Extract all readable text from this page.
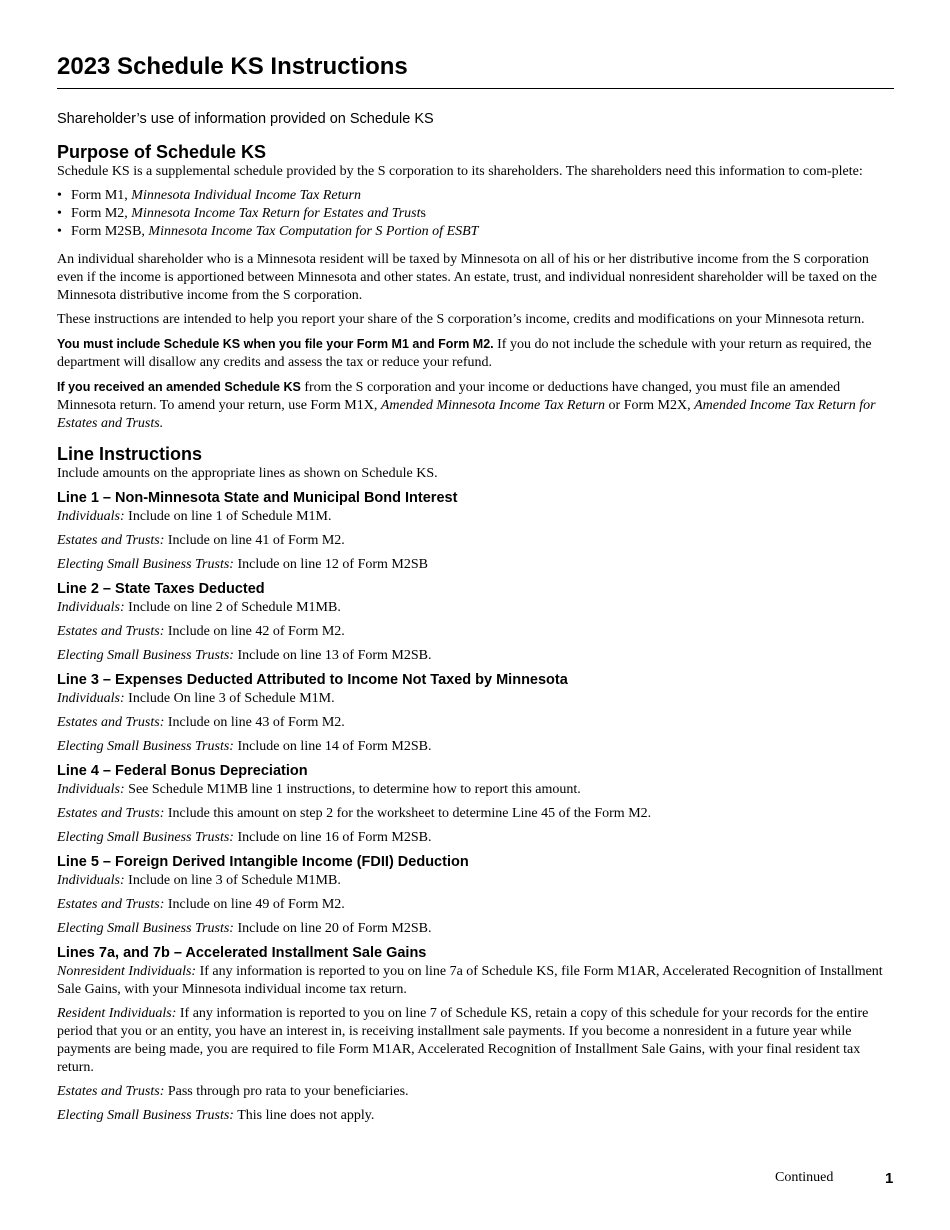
2023 Schedule KS Instructions
Shareholder’s use of information provided on Schedule KS
Purpose of Schedule KS

Schedule KS is a supplemental schedule provided by the S corporation to its shareholders. The shareholders need this information to com-plete:

• Form M1, Minnesota Individual Income Tax Return
• Form M2, Minnesota Income Tax Return for Estates and Trusts
• Form M2SB, Minnesota Income Tax Computation for S Portion of ESBT

An individual shareholder who is a Minnesota resident will be taxed by Minnesota on all of his or her distributive income from the S corporation even if the income is apportioned between Minnesota and other states. An estate, trust, and individual nonresident shareholder will be taxed on the Minnesota distributive income from the S corporation.

These instructions are intended to help you report your share of the S corporation’s income, credits and modifications on your Minnesota return.

You must include Schedule KS when you file your Form M1 and Form M2. If you do not include the schedule with your return as required, the department will disallow any credits and assess the tax or reduce your refund.

If you received an amended Schedule KS from the S corporation and your income or deductions have changed, you must file an amended Minnesota return. To amend your return, use Form M1X, Amended Minnesota Income Tax Return or Form M2X, Amended Income Tax Return for Estates and Trusts.

Line Instructions

Include amounts on the appropriate lines as shown on Schedule KS.

Line 1 – Non-Minnesota State and Municipal Bond Interest

Individuals: Include on line 1 of Schedule M1M.

Estates and Trusts: Include on line 41 of Form M2.

Electing Small Business Trusts: Include on line 12 of Form M2SB

Line 2 – State Taxes Deducted

Individuals: Include on line 2 of Schedule M1MB.

Estates and Trusts: Include on line 42 of Form M2.

Electing Small Business Trusts: Include on line 13 of Form M2SB.

Line 3 – Expenses Deducted Attributed to Income Not Taxed by Minnesota

Individuals: Include On line 3 of Schedule M1M.

Estates and Trusts: Include on line 43 of Form M2.

Electing Small Business Trusts: Include on line 14 of Form M2SB.

Line 4 – Federal Bonus Depreciation

Individuals: See Schedule M1MB line 1 instructions, to determine how to report this amount.

Estates and Trusts: Include this amount on step 2 for the worksheet to determine Line 45 of the Form M2.

Electing Small Business Trusts: Include on line 16 of Form M2SB.

Line 5 – Foreign Derived Intangible Income (FDII) Deduction

Individuals: Include on line 3 of Schedule M1MB.

Estates and Trusts: Include on line 49 of Form M2.

Electing Small Business Trusts: Include on line 20 of Form M2SB.

Lines 7a, and 7b – Accelerated Installment Sale Gains

Nonresident Individuals: If any information is reported to you on line 7a of Schedule KS, file Form M1AR, Accelerated Recognition of Installment Sale Gains, with your Minnesota individual income tax return.

Resident Individuals: If any information is reported to you on line 7 of Schedule KS, retain a copy of this schedule for your records for the entire period that you or an entity, you have an interest in, is receiving installment sale payments. If you become a nonresident in a future year while payments are being made, you are required to file Form M1AR, Accelerated Recognition of Installment Sale Gains, with your final resident tax return.

Estates and Trusts: Pass through pro rata to your beneficiaries.

Electing Small Business Trusts: This line does not apply.

Continued	1
